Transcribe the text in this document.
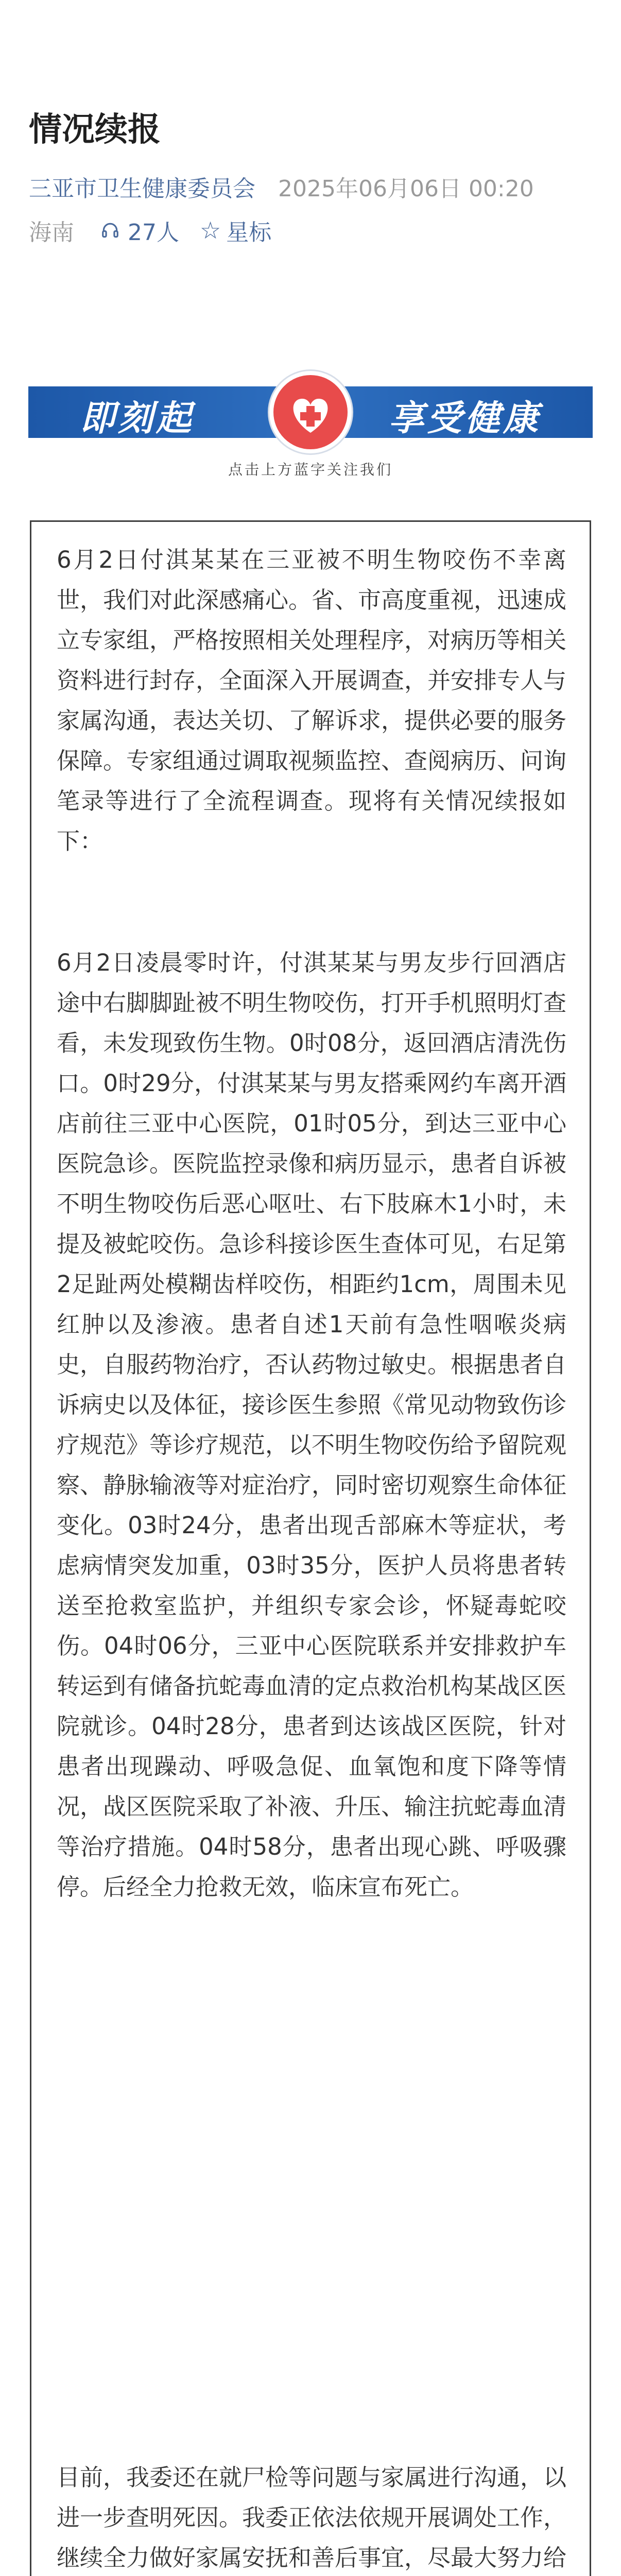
情况续报
三亚市卫生健康委员会 2025年06月06日 00:20
海南 27人 ☆ 星标
即刻起	享受健康
点击上方蓝字关注我们
6月2日付淇某某在三亚被不明生物咬伤不幸离世，我们对此深感痛心。省、市高度重视，迅速成立专家组，严格按照相关处理程序，对病历等相关资料进行封存，全面深入开展调查，并安排专人与家属沟通，表达关切、了解诉求，提供必要的服务保障。专家组通过调取视频监控、查阅病历、问询笔录等进行了全流程调查。现将有关情况续报如下：
6月2日凌晨零时许，付淇某某与男友步行回酒店途中右脚脚趾被不明生物咬伤，打开手机照明灯查看，未发现致伤生物。0时08分，返回酒店清洗伤口。0时29分，付淇某某与男友搭乘网约车离开酒店前往三亚中心医院，01时05分，到达三亚中心医院急诊。医院监控录像和病历显示，患者自诉被不明生物咬伤后恶心呕吐、右下肢麻木1小时，未提及被蛇咬伤。急诊科接诊医生查体可见，右足第2足趾两处模糊齿样咬伤，相距约1cm，周围未见红肿以及渗液。患者自述1天前有急性咽喉炎病史，自服药物治疗，否认药物过敏史。根据患者自诉病史以及体征，接诊医生参照《常见动物致伤诊疗规范》等诊疗规范，以不明生物咬伤给予留院观察、静脉输液等对症治疗，同时密切观察生命体征变化。03时24分，患者出现舌部麻木等症状，考虑病情突发加重，03时35分，医护人员将患者转送至抢救室监护，并组织专家会诊，怀疑毒蛇咬伤。04时06分，三亚中心医院联系并安排救护车转运到有储备抗蛇毒血清的定点救治机构某战区医院就诊。04时28分，患者到达该战区医院，针对患者出现躁动、呼吸急促、血氧饱和度下降等情况，战区医院采取了补液、升压、输注抗蛇毒血清等治疗措施。04时58分，患者出现心跳、呼吸骤停。后经全力抢救无效，临床宣布死亡。
目前，我委还在就尸检等问题与家属进行沟通，以进一步查明死因。我委正依法依规开展调处工作，继续全力做好家属安抚和善后事宜，尽最大努力给
